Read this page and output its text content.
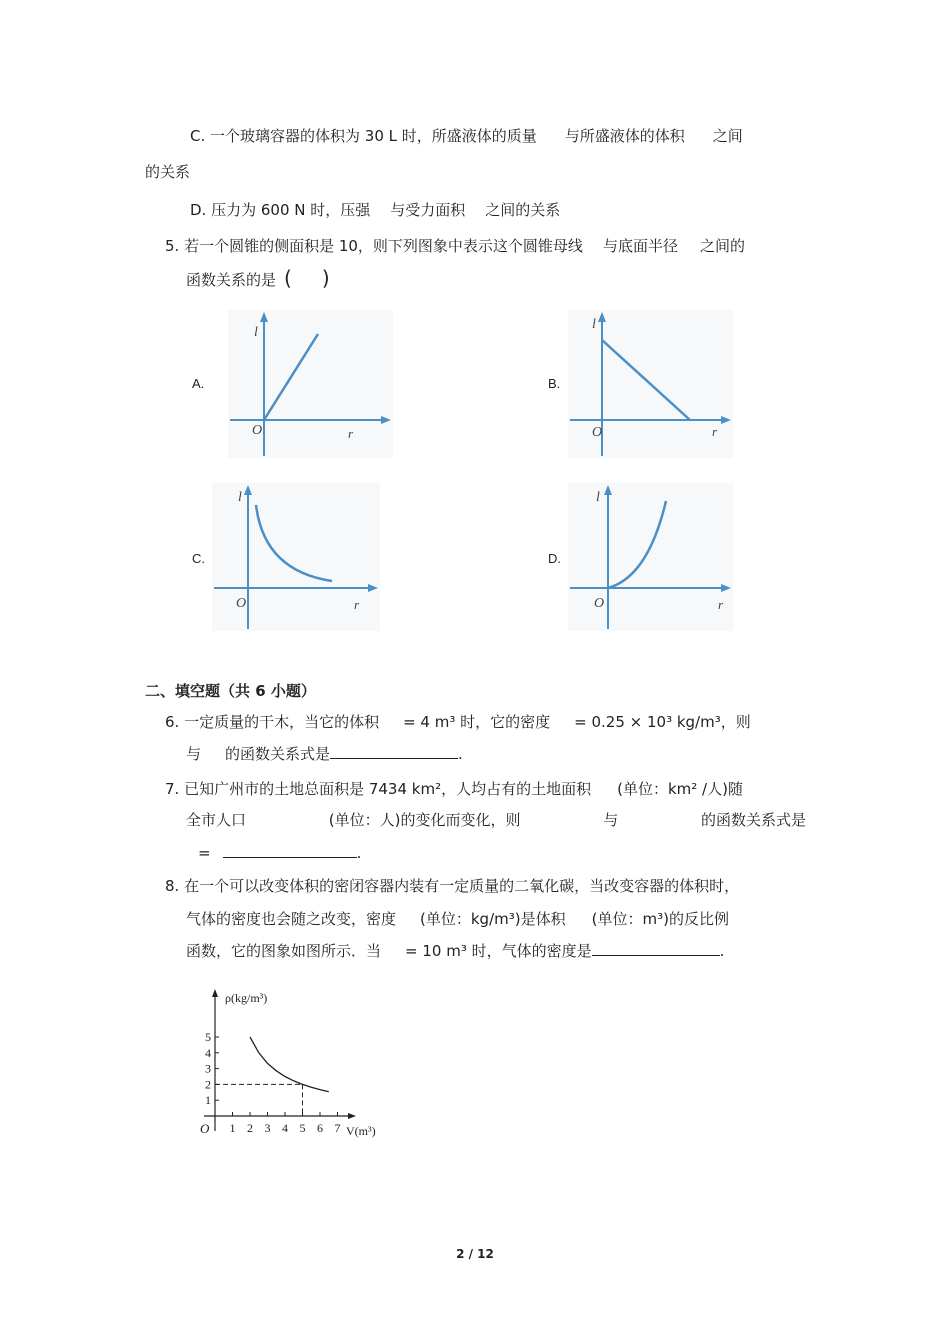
C. 一个玻璃容器的体积为 30 L 时，所盛液体的质量 与所盛液体的体积 之间
的关系
D. 压力为 600 N 时，压强 与受力面积 之间的关系
5. 若一个圆锥的侧面积是 10，则下列图象中表示这个圆锥母线 与底面半径 之间的
函数关系的是 ( )
A.
l
O	r
B.
l
O	r
C.
l
O	r
D.
l
O	r
二、填空题（共 6 小题）
6. 一定质量的干木，当它的体积 = 4 m³ 时，它的密度 = 0.25 × 10³ kg/m³，则
与 的函数关系式是	.
7. 已知广州市的土地总面积是 7434 km²，人均占有的土地面积 (单位：km² /人)随
全市人口	(单位：人)的变化而变化，则	与	的函数关系式是
=	.
8. 在一个可以改变体积的密闭容器内装有一定质量的二氧化碳，当改变容器的体积时，
气体的密度也会随之改变，密度 (单位：kg/m³)是体积 (单位：m³)的反比例
函数，它的图象如图所示．当 = 10 m³ 时，气体的密度是	.
ρ(kg/m³)
V(m³)
O 1 2 3 4 5 6 7
1
2
3
4
5
2 / 12
